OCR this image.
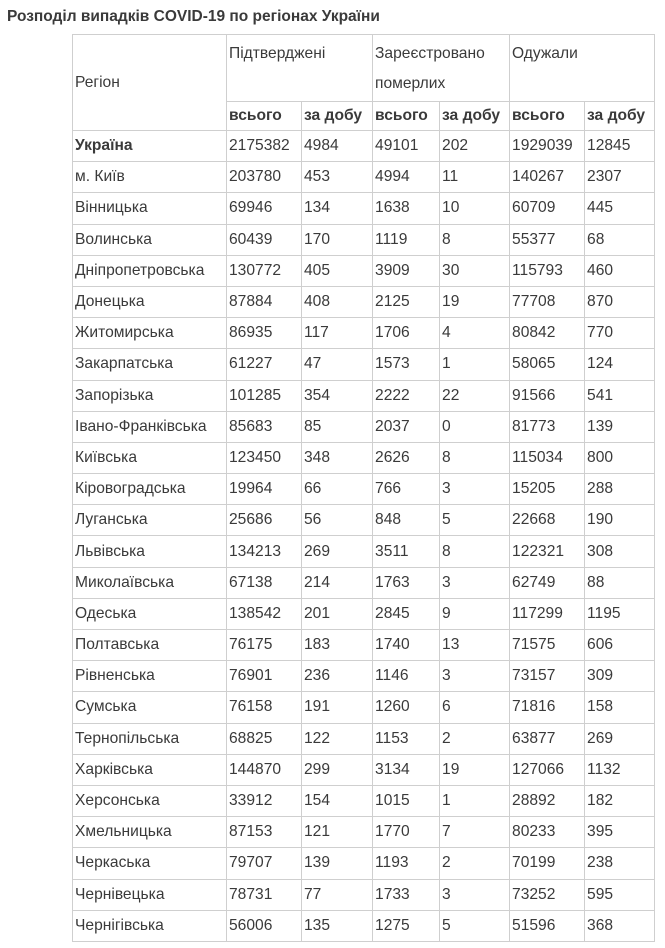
Розподіл випадків COVID-19 по регіонах України
Регіон	Підтверджені		Зареєстровано померлих		Одужали	
	всього	за добу	всього	за добу	всього	за добу
Україна	2175382	4984	49101	202	1929039	12845
м. Київ	203780	453	4994	11	140267	2307
Вінницька	69946	134	1638	10	60709	445
Волинська	60439	170	1119	8	55377	68
Дніпропетровська	130772	405	3909	30	115793	460
Донецька	87884	408	2125	19	77708	870
Житомирська	86935	117	1706	4	80842	770
Закарпатська	61227	47	1573	1	58065	124
Запорізька	101285	354	2222	22	91566	541
Івано-Франківська	85683	85	2037	0	81773	139
Київська	123450	348	2626	8	115034	800
Кіровоградська	19964	66	766	3	15205	288
Луганська	25686	56	848	5	22668	190
Львівська	134213	269	3511	8	122321	308
Миколаївська	67138	214	1763	3	62749	88
Одеська	138542	201	2845	9	117299	1195
Полтавська	76175	183	1740	13	71575	606
Рівненська	76901	236	1146	3	73157	309
Сумська	76158	191	1260	6	71816	158
Тернопільська	68825	122	1153	2	63877	269
Харківська	144870	299	3134	19	127066	1132
Херсонська	33912	154	1015	1	28892	182
Хмельницька	87153	121	1770	7	80233	395
Черкаська	79707	139	1193	2	70199	238
Чернівецька	78731	77	1733	3	73252	595
Чернігівська	56006	135	1275	5	51596	368
